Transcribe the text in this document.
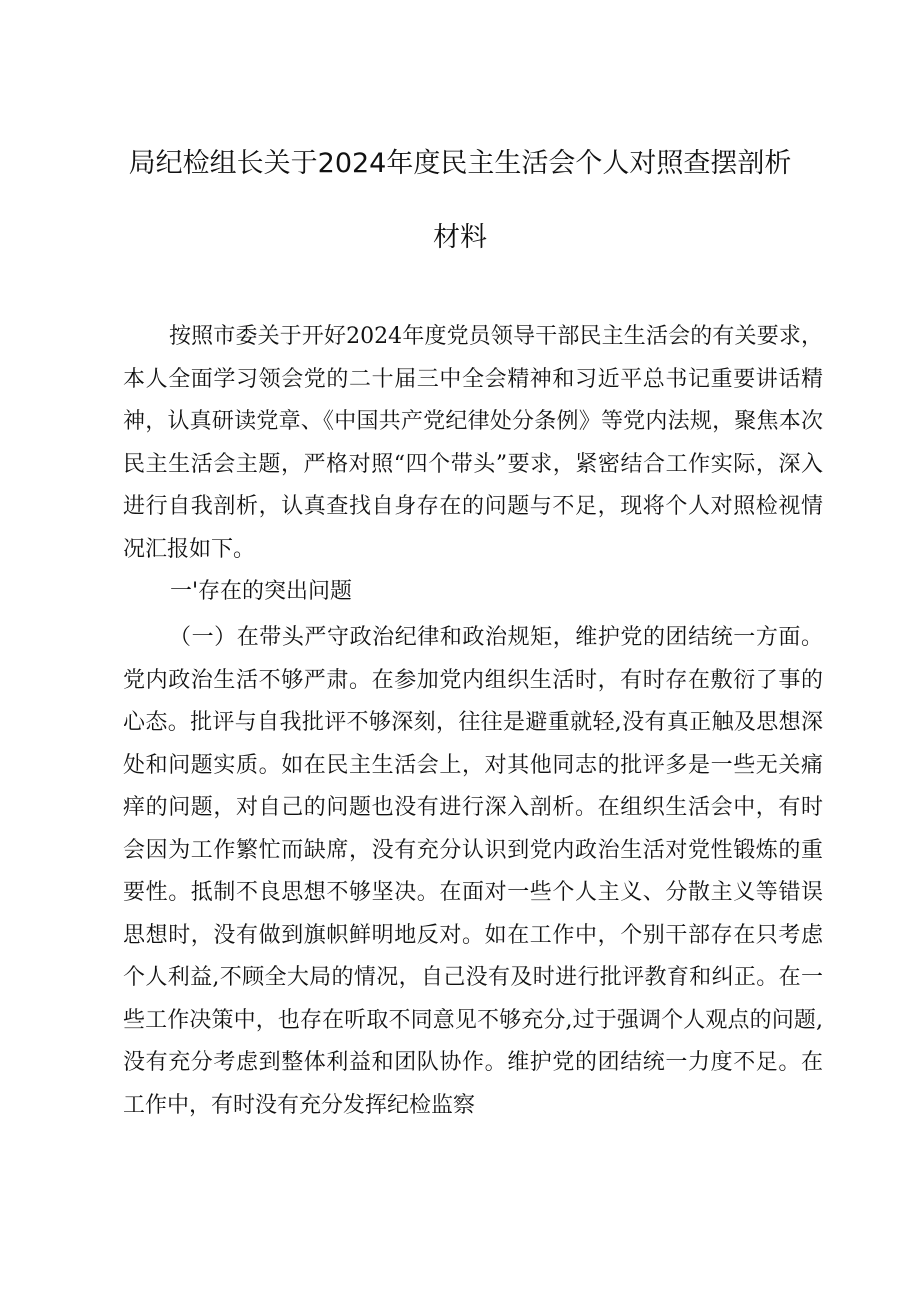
局纪检组长关于2024年度民主生活会个人对照查摆剖析
材料

按照市委关于开好2024年度党员领导干部民主生活会的有关要求，本人全面学习领会党的二十届三中全会精神和习近平总书记重要讲话精神，认真研读党章、《中国共产党纪律处分条例》等党内法规，聚焦本次民主生活会主题，严格对照“四个带头”要求，紧密结合工作实际，深入进行自我剖析，认真查找自身存在的问题与不足，现将个人对照检视情况汇报如下。

一'存在的突出问题

（一）在带头严守政治纪律和政治规矩，维护党的团结统一方面。党内政治生活不够严肃。在参加党内组织生活时，有时存在敷衍了事的心态。批评与自我批评不够深刻，往往是避重就轻,没有真正触及思想深处和问题实质。如在民主生活会上，对其他同志的批评多是一些无关痛痒的问题，对自己的问题也没有进行深入剖析。在组织生活会中，有时会因为工作繁忙而缺席，没有充分认识到党内政治生活对党性锻炼的重要性。抵制不良思想不够坚决。在面对一些个人主义、分散主义等错误思想时，没有做到旗帜鲜明地反对。如在工作中，个别干部存在只考虑个人利益,不顾全大局的情况，自己没有及时进行批评教育和纠正。在一些工作决策中，也存在听取不同意见不够充分,过于强调个人观点的问题,没有充分考虑到整体利益和团队协作。维护党的团结统一力度不足。在工作中，有时没有充分发挥纪检监察
